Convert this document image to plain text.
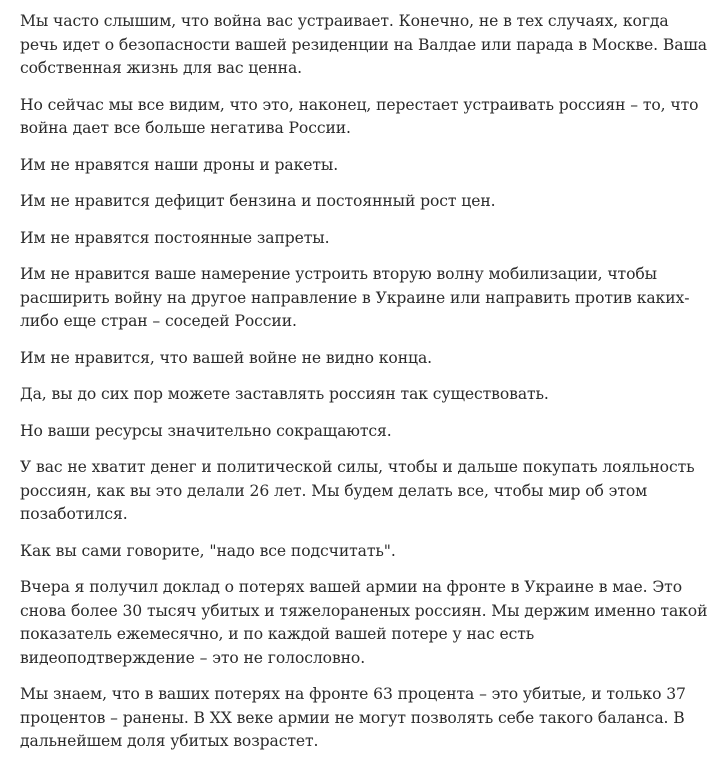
Мы часто слышим, что война вас устраивает. Конечно, не в тех случаях, когда речь идет о безопасности вашей резиденции на Валдае или парада в Москве. Ваша собственная жизнь для вас ценна.

Но сейчас мы все видим, что это, наконец, перестает устраивать россиян – то, что война дает все больше негатива России.

Им не нравятся наши дроны и ракеты.

Им не нравится дефицит бензина и постоянный рост цен.

Им не нравятся постоянные запреты.

Им не нравится ваше намерение устроить вторую волну мобилизации, чтобы расширить войну на другое направление в Украине или направить против каких-либо еще стран – соседей России.

Им не нравится, что вашей войне не видно конца.

Да, вы до сих пор можете заставлять россиян так существовать.

Но ваши ресурсы значительно сокращаются.

У вас не хватит денег и политической силы, чтобы и дальше покупать лояльность россиян, как вы это делали 26 лет. Мы будем делать все, чтобы мир об этом позаботился.

Как вы сами говорите, "надо все подсчитать".

Вчера я получил доклад о потерях вашей армии на фронте в Украине в мае. Это снова более 30 тысяч убитых и тяжелораненых россиян. Мы держим именно такой показатель ежемесячно, и по каждой вашей потере у нас есть видеоподтверждение – это не голословно.

Мы знаем, что в ваших потерях на фронте 63 процента – это убитые, и только 37 процентов – ранены. В XX веке армии не могут позволять себе такого баланса. В дальнейшем доля убитых возрастет.
